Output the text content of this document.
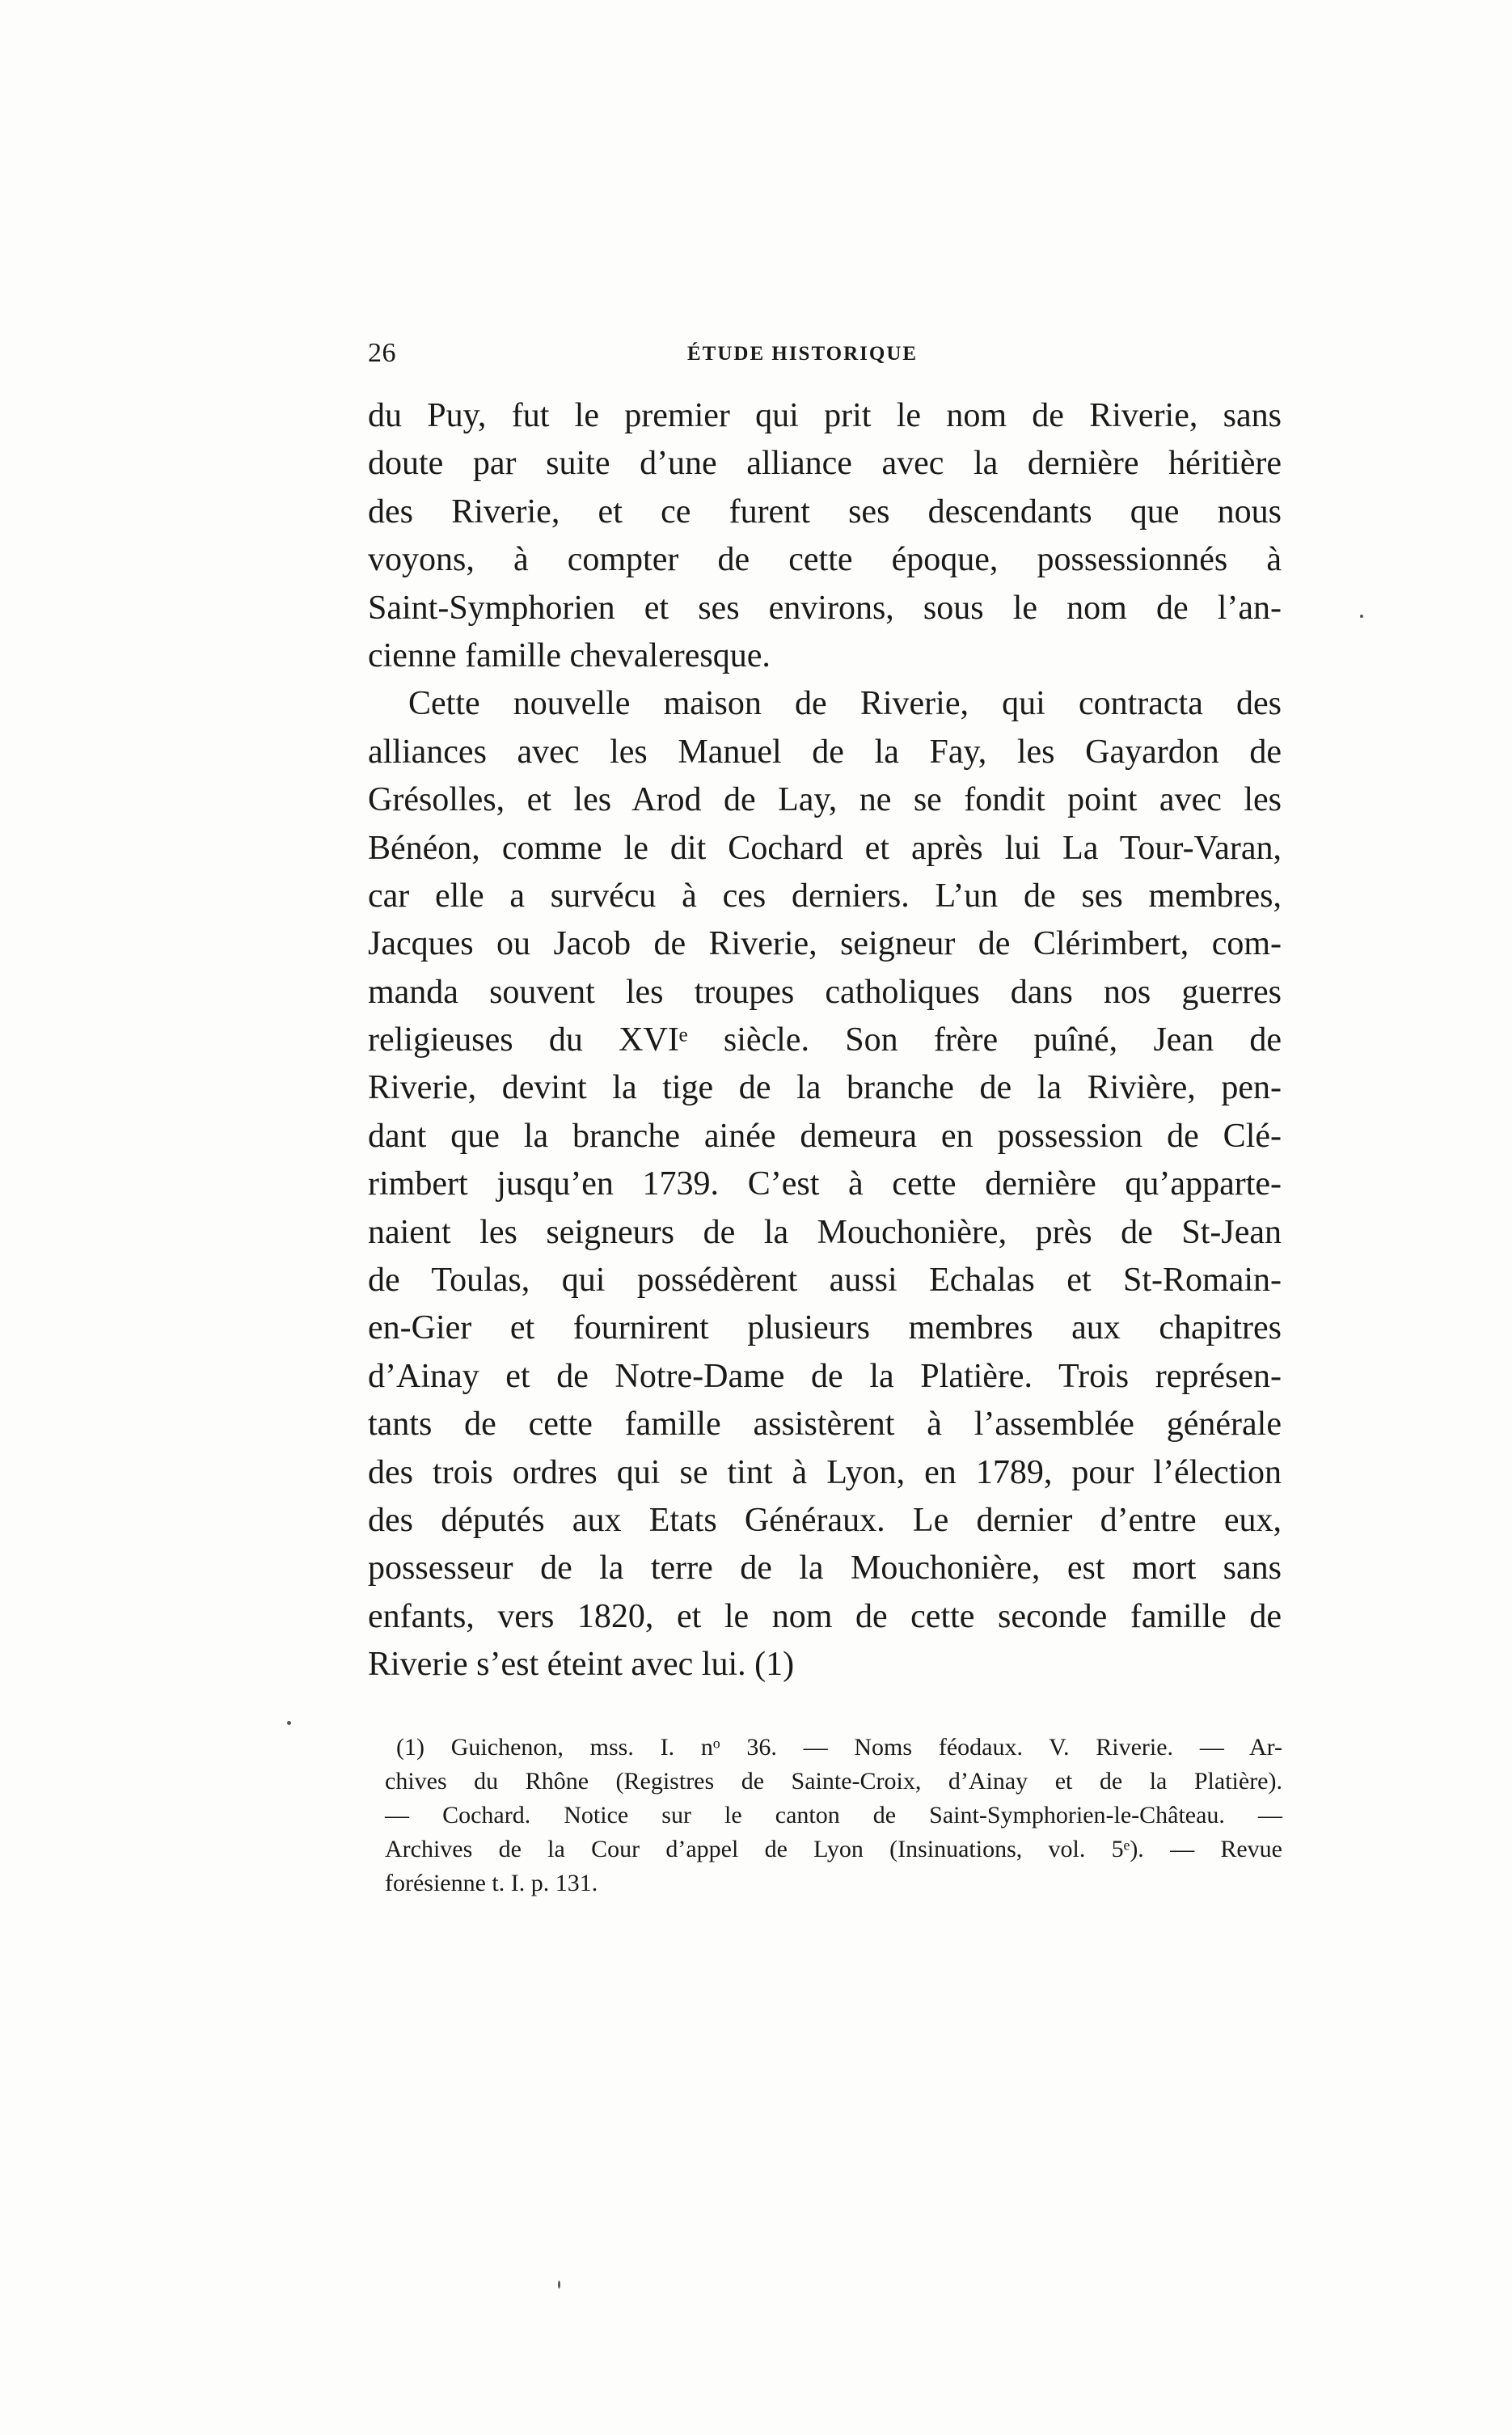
26	ÉTUDE HISTORIQUE
du Puy, fut le premier qui prit le nom de Riverie, sans
doute par suite d’une alliance avec la dernière héritière
des Riverie, et ce furent ses descendants que nous
voyons, à compter de cette époque, possessionnés à
Saint-Symphorien et ses environs, sous le nom de l’an-
cienne famille chevaleresque.
Cette nouvelle maison de Riverie, qui contracta des
alliances avec les Manuel de la Fay, les Gayardon de
Grésolles, et les Arod de Lay, ne se fondit point avec les
Bénéon, comme le dit Cochard et après lui La Tour-Varan,
car elle a survécu à ces derniers. L’un de ses membres,
Jacques ou Jacob de Riverie, seigneur de Clérimbert, com-
manda souvent les troupes catholiques dans nos guerres
religieuses du XVIᵉ siècle. Son frère puîné, Jean de
Riverie, devint la tige de la branche de la Rivière, pen-
dant que la branche ainée demeura en possession de Clé-
rimbert jusqu’en 1739. C’est à cette dernière qu’apparte-
naient les seigneurs de la Mouchonière, près de St-Jean
de Toulas, qui possédèrent aussi Echalas et St-Romain-
en-Gier et fournirent plusieurs membres aux chapitres
d’Ainay et de Notre-Dame de la Platière. Trois représen-
tants de cette famille assistèrent à l’assemblée générale
des trois ordres qui se tint à Lyon, en 1789, pour l’élection
des députés aux Etats Généraux. Le dernier d’entre eux,
possesseur de la terre de la Mouchonière, est mort sans
enfants, vers 1820, et le nom de cette seconde famille de
Riverie s’est éteint avec lui. (1)
(1) Guichenon, mss. I. nᵒ 36. — Noms féodaux. V. Riverie. — Ar-
chives du Rhône (Registres de Sainte-Croix, d’Ainay et de la Platière).
— Cochard. Notice sur le canton de Saint-Symphorien-le-Château. —
Archives de la Cour d’appel de Lyon (Insinuations, vol. 5ᵉ). — Revue
forésienne t. I. p. 131.
